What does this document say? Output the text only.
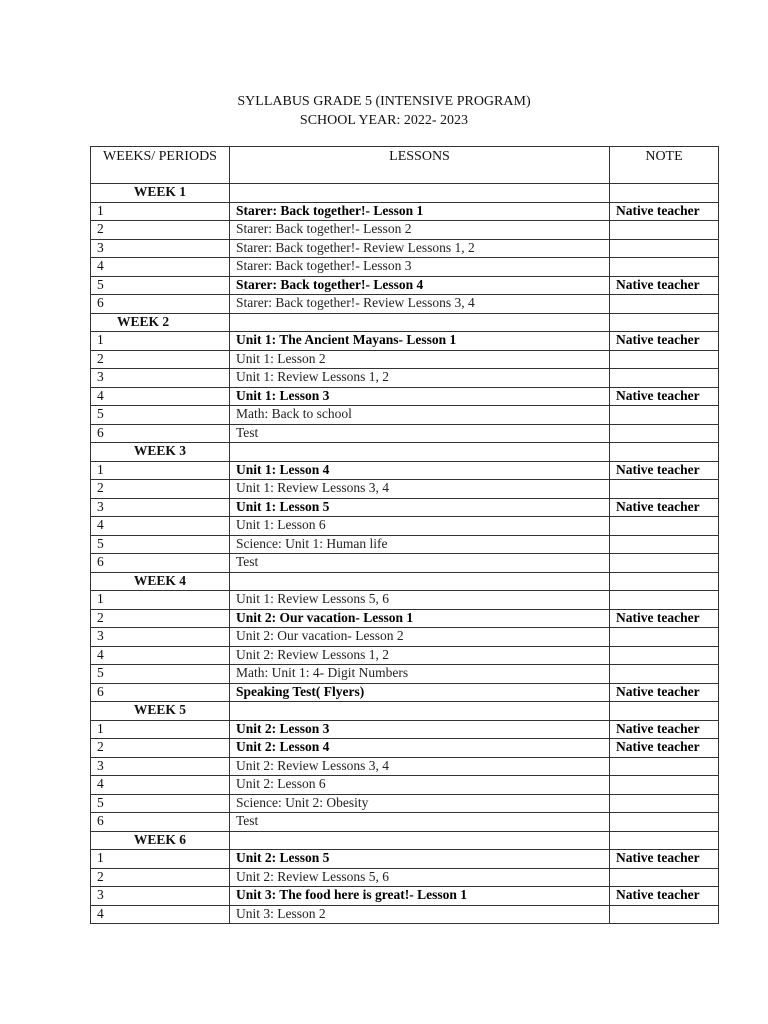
SYLLABUS GRADE 5 (INTENSIVE PROGRAM)
SCHOOL YEAR: 2022- 2023
WEEKS/ PERIODS	LESSONS	NOTE
WEEK 1		
1	Starer: Back together!- Lesson 1	Native teacher
2	Starer: Back together!- Lesson 2	
3	Starer: Back together!- Review Lessons 1, 2	
4	Starer: Back together!- Lesson 3	
5	Starer: Back together!- Lesson 4	Native teacher
6	Starer: Back together!- Review Lessons 3, 4	
WEEK 2		
1	Unit 1: The Ancient Mayans- Lesson 1	Native teacher
2	Unit 1: Lesson 2	
3	Unit 1: Review Lessons 1, 2	
4	Unit 1: Lesson 3	Native teacher
5	Math: Back to school	
6	Test	
WEEK 3		
1	Unit 1: Lesson 4	Native teacher
2	Unit 1: Review Lessons 3, 4	
3	Unit 1: Lesson 5	Native teacher
4	Unit 1: Lesson 6	
5	Science: Unit 1: Human life	
6	Test	
WEEK 4		
1	Unit 1: Review Lessons 5, 6	
2	Unit 2: Our vacation- Lesson 1	Native teacher
3	Unit 2: Our vacation- Lesson 2	
4	Unit 2: Review Lessons 1, 2	
5	Math: Unit 1: 4- Digit Numbers	
6	Speaking Test( Flyers)	Native teacher
WEEK 5		
1	Unit 2: Lesson 3	Native teacher
2	Unit 2: Lesson 4	Native teacher
3	Unit 2: Review Lessons 3, 4	
4	Unit 2: Lesson 6	
5	Science: Unit 2: Obesity	
6	Test	
WEEK 6		
1	Unit 2: Lesson 5	Native teacher
2	Unit 2: Review Lessons 5, 6	
3	Unit 3: The food here is great!- Lesson 1	Native teacher
4	Unit 3: Lesson 2	
